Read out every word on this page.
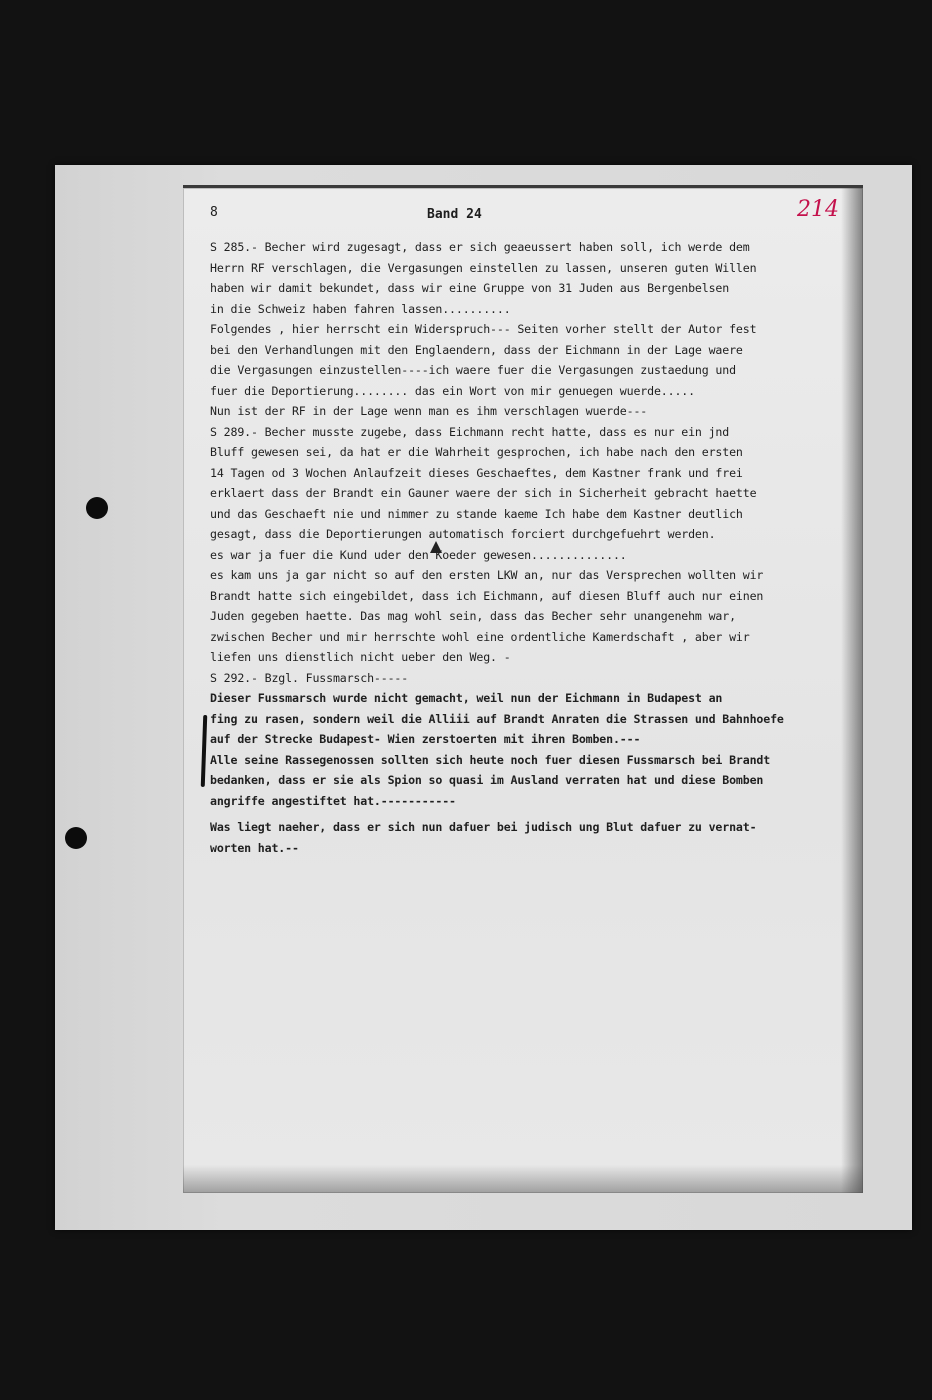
8	Band 24	214
S 285.- Becher wird zugesagt, dass er sich geaeussert haben soll, ich werde dem
Herrn RF verschlagen, die Vergasungen einstellen zu lassen, unseren guten Willen
haben wir damit bekundet, dass wir eine Gruppe von 31 Juden aus Bergenbelsen
in die Schweiz haben fahren lassen..........
Folgendes , hier herrscht ein Widerspruch--- Seiten vorher stellt der Autor fest
bei den Verhandlungen mit den Englaendern, dass der Eichmann in der Lage waere
die Vergasungen einzustellen----ich waere fuer die Vergasungen zustaedung und
fuer die Deportierung........ das ein Wort von mir genuegen wuerde.....
Nun ist der RF in der Lage wenn man es ihm verschlagen wuerde---
S 289.- Becher musste zugebe, dass Eichmann recht hatte, dass es nur ein jnd
Bluff gewesen sei, da hat er die Wahrheit gesprochen, ich habe nach den ersten
14 Tagen od 3 Wochen Anlaufzeit dieses Geschaeftes, dem Kastner frank und frei
erklaert dass der Brandt ein Gauner waere der sich in Sicherheit gebracht haette
und das Geschaeft nie und nimmer zu stande kaeme Ich habe dem Kastner deutlich
gesagt, dass die Deportierungen automatisch forciert durchgefuehrt werden.
es war ja fuer die Kund uder den Koeder gewesen..............
es kam uns ja gar nicht so auf den ersten LKW an, nur das Versprechen wollten wir
Brandt hatte sich eingebildet, dass ich Eichmann, auf diesen Bluff auch nur einen
Juden gegeben haette. Das mag wohl sein, dass das Becher sehr unangenehm war,
zwischen Becher und mir herrschte wohl eine ordentliche Kamerdschaft , aber wir
liefen uns dienstlich nicht ueber den Weg. -
S 292.- Bzgl. Fussmarsch-----
Dieser Fussmarsch wurde nicht gemacht, weil nun der Eichmann in Budapest an
fing zu rasen, sondern weil die Alliii auf Brandt Anraten die Strassen und Bahnhoefe
auf der Strecke Budapest- Wien zerstoerten mit ihren Bomben.---
Alle seine Rassegenossen sollten sich heute noch fuer diesen Fussmarsch bei Brandt
bedanken, dass er sie als Spion so quasi im Ausland verraten hat und diese Bomben
angriffe angestiftet hat.-----------
Was liegt naeher, dass er sich nun dafuer bei judisch ung Blut dafuer zu vernat-
worten hat.--
